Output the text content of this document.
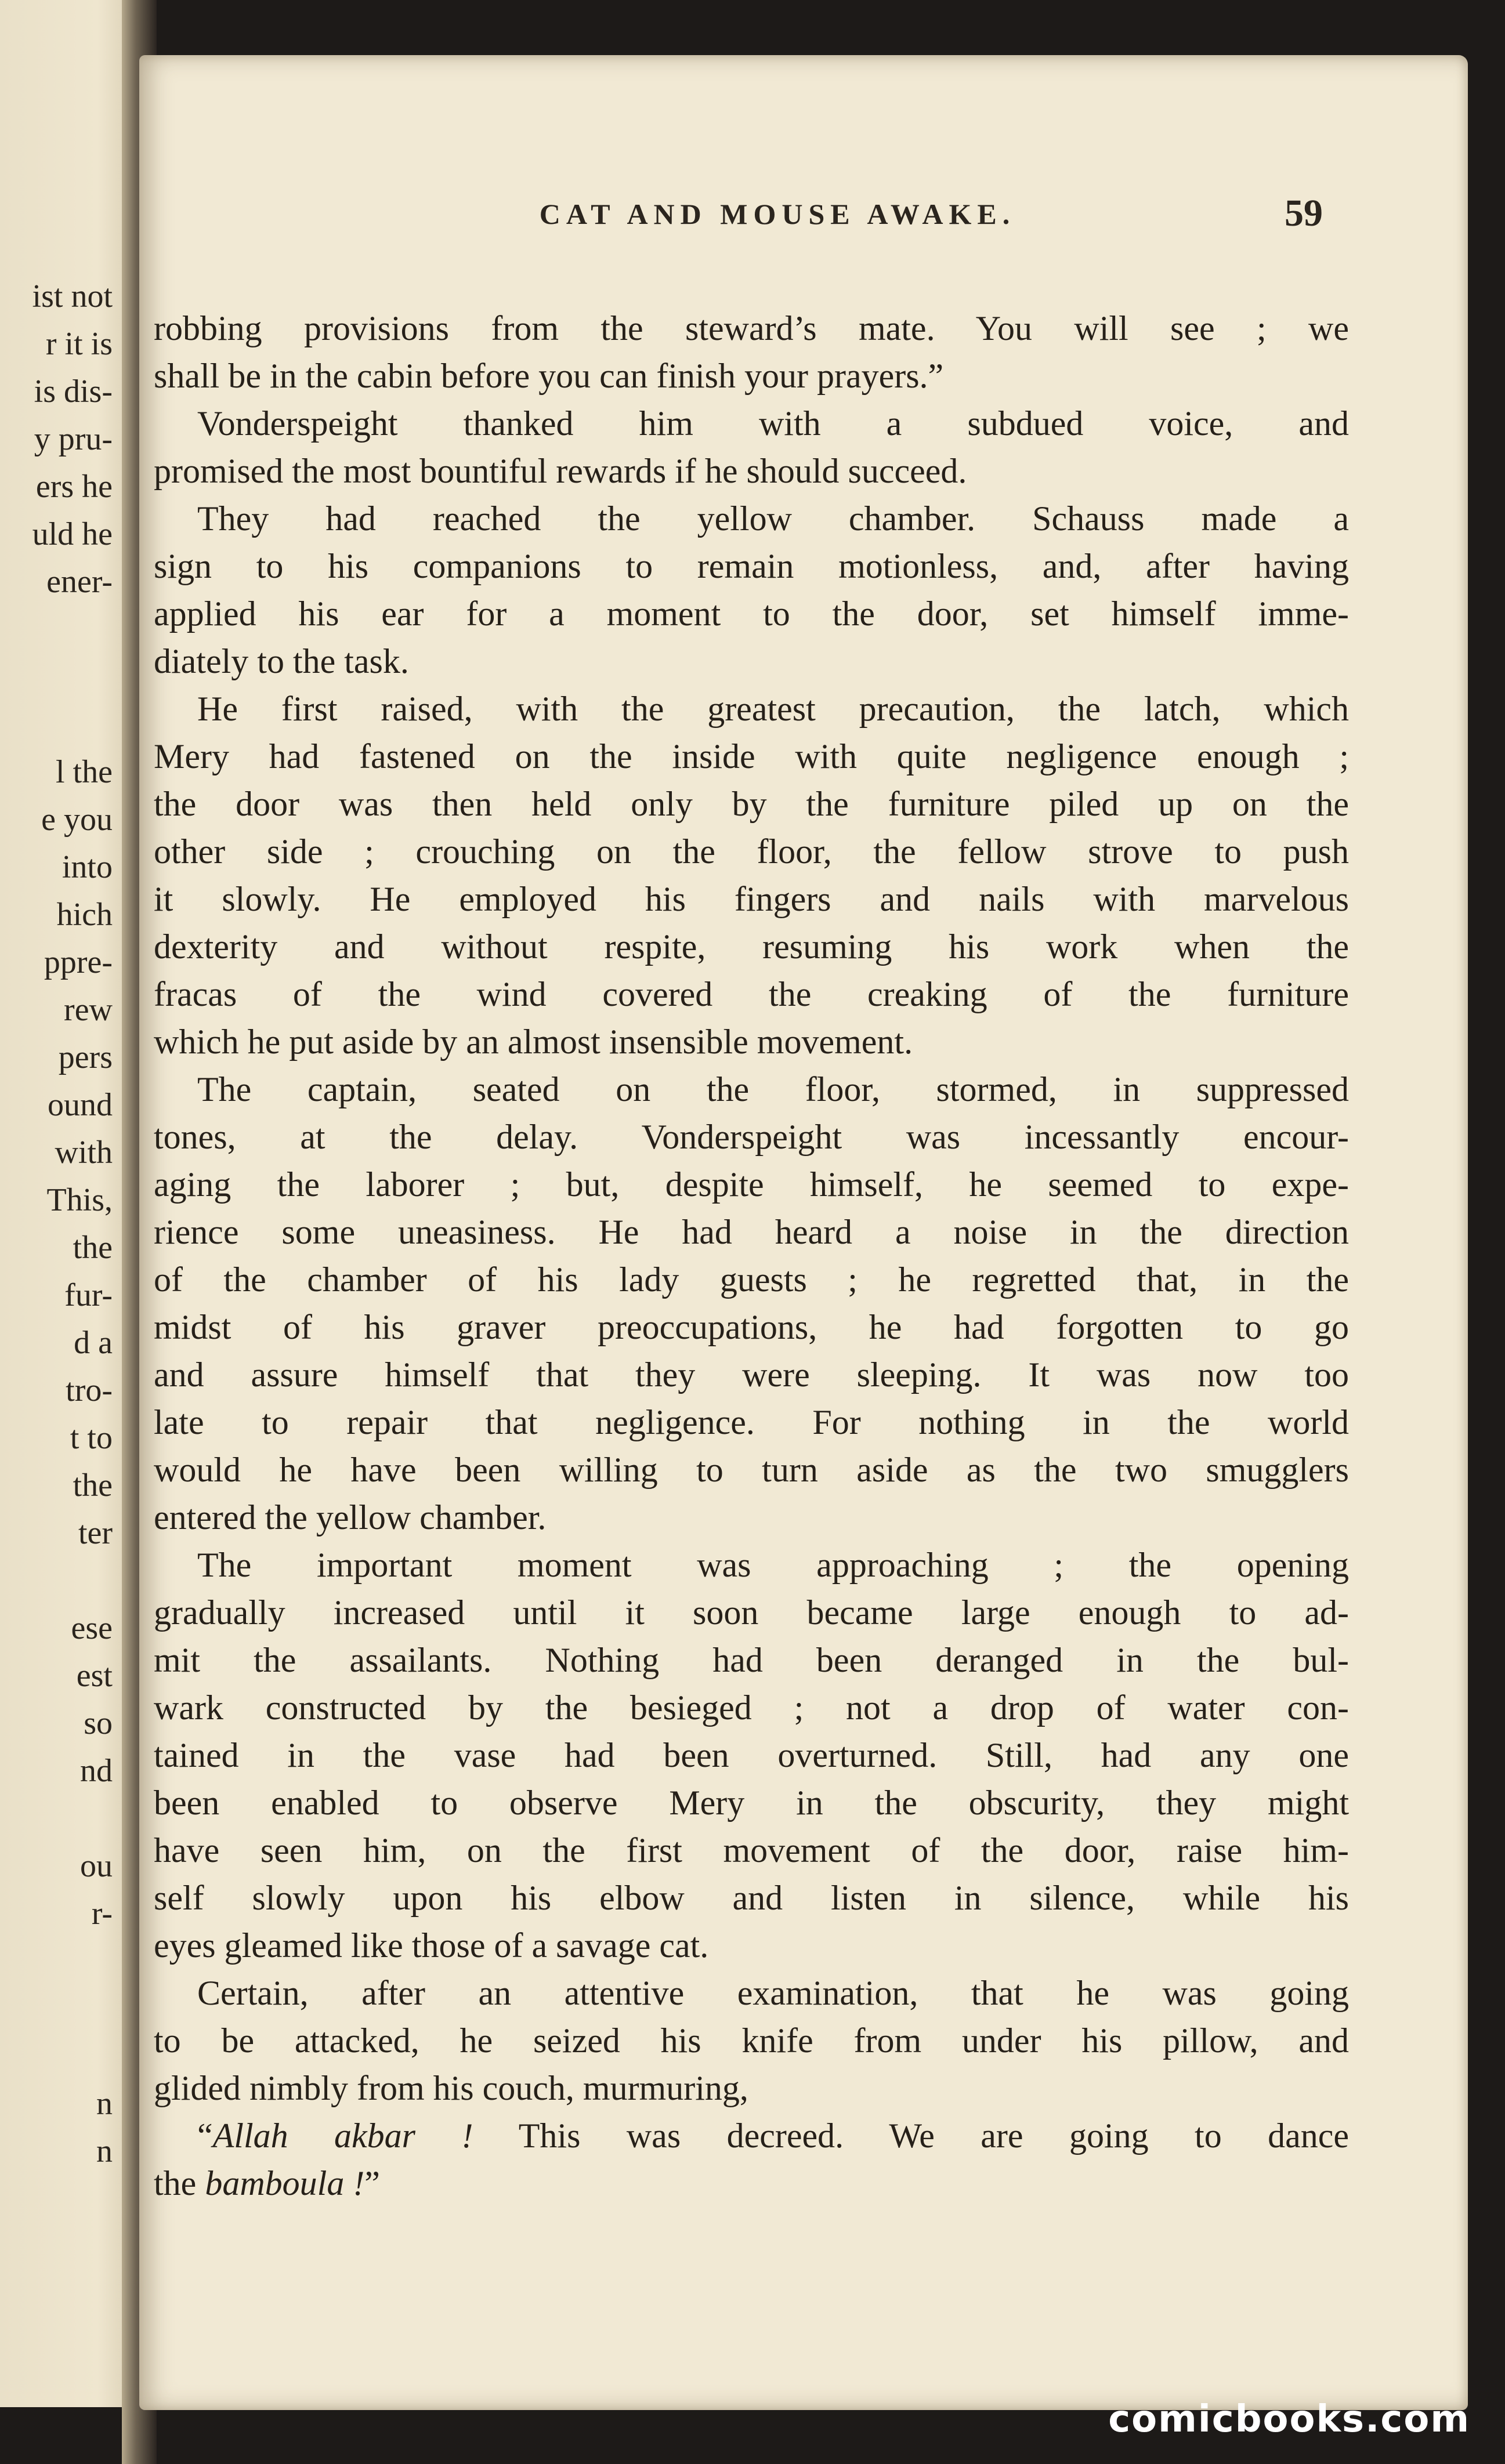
ist not
r it is
is dis-
y pru-
ers he
uld he
ener-
l the
e you
into
hich
ppre-
rew
pers
ound
with
This,
the
fur-
d a
tro-
t to
the
ter
ese
est
so
nd
ou
r-
n
n
CAT AND MOUSE AWAKE.	59
robbing provisions from the steward’s mate. You will see ; we
shall be in the cabin before you can finish your prayers.”
Vonderspeight thanked him with a subdued voice, and
promised the most bountiful rewards if he should succeed.
They had reached the yellow chamber. Schauss made a
sign to his companions to remain motionless, and, after having
applied his ear for a moment to the door, set himself imme-
diately to the task.
He first raised, with the greatest precaution, the latch, which
Mery had fastened on the inside with quite negligence enough ;
the door was then held only by the furniture piled up on the
other side ; crouching on the floor, the fellow strove to push
it slowly. He employed his fingers and nails with marvelous
dexterity and without respite, resuming his work when the
fracas of the wind covered the creaking of the furniture
which he put aside by an almost insensible movement.
The captain, seated on the floor, stormed, in suppressed
tones, at the delay. Vonderspeight was incessantly encour-
aging the laborer ; but, despite himself, he seemed to expe-
rience some uneasiness. He had heard a noise in the direction
of the chamber of his lady guests ; he regretted that, in the
midst of his graver preoccupations, he had forgotten to go
and assure himself that they were sleeping. It was now too
late to repair that negligence. For nothing in the world
would he have been willing to turn aside as the two smugglers
entered the yellow chamber.
The important moment was approaching ; the opening
gradually increased until it soon became large enough to ad-
mit the assailants. Nothing had been deranged in the bul-
wark constructed by the besieged ; not a drop of water con-
tained in the vase had been overturned. Still, had any one
been enabled to observe Mery in the obscurity, they might
have seen him, on the first movement of the door, raise him-
self slowly upon his elbow and listen in silence, while his
eyes gleamed like those of a savage cat.
Certain, after an attentive examination, that he was going
to be attacked, he seized his knife from under his pillow, and
glided nimbly from his couch, murmuring,
“Allah akbar ! This was decreed. We are going to dance
the bamboula !”
comicbooks.com
